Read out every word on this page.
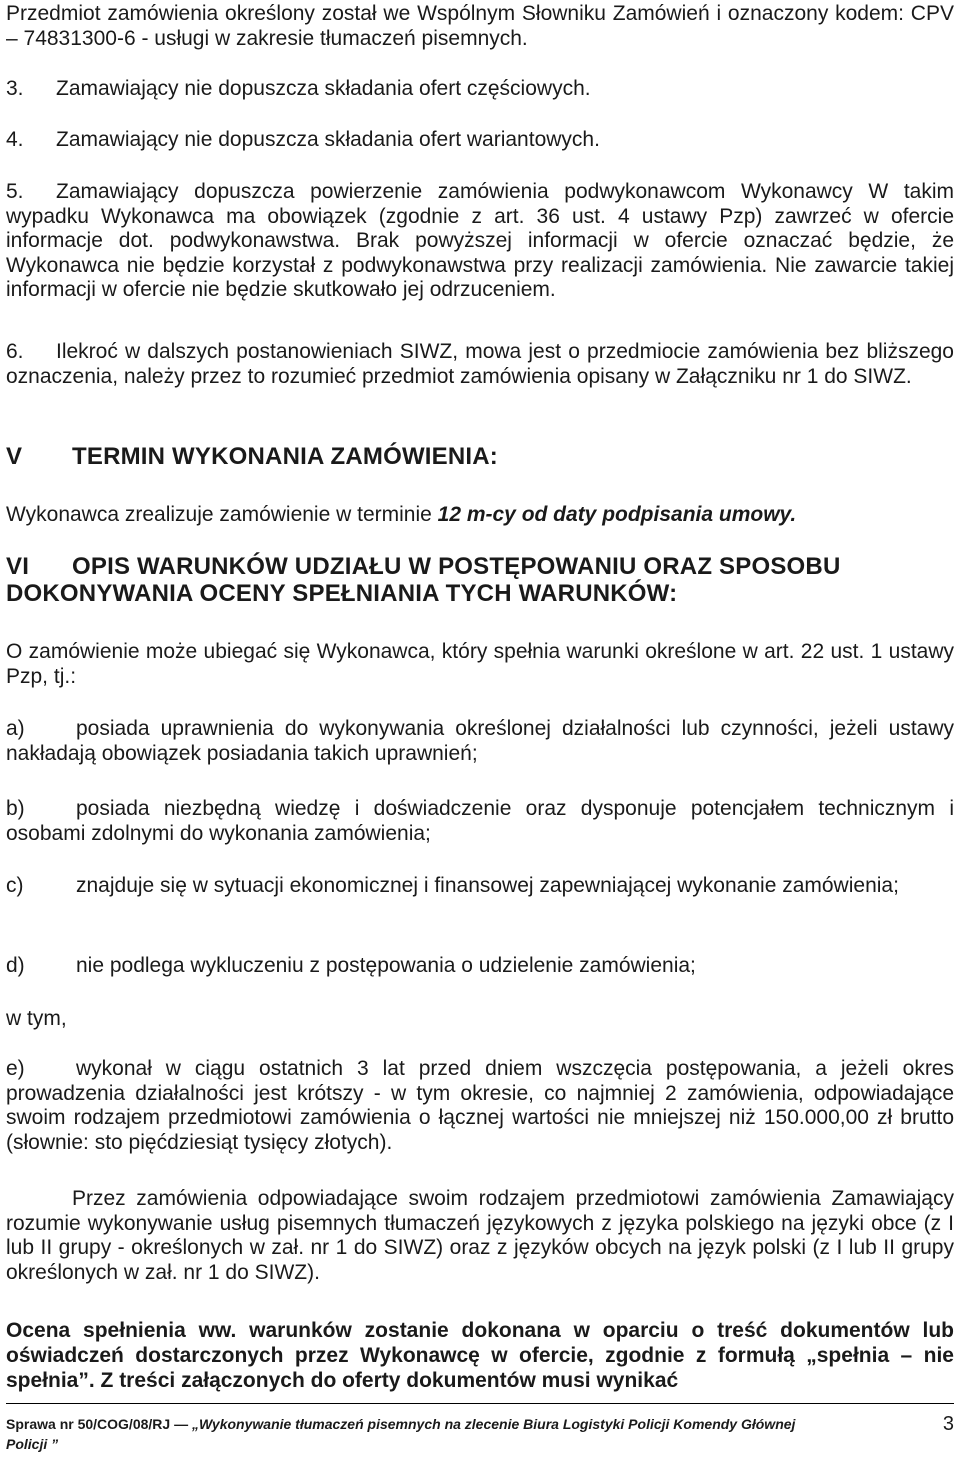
Przedmiot zamówienia określony został we Wspólnym Słowniku Zamówień i oznaczony kodem: CPV – 74831300-6 - usługi w zakresie tłumaczeń pisemnych.

3. Zamawiający nie dopuszcza składania ofert częściowych.
4. Zamawiający nie dopuszcza składania ofert wariantowych.

5. Zamawiający dopuszcza powierzenie zamówienia podwykonawcom Wykonawcy W takim wypadku Wykonawca ma obowiązek (zgodnie z art. 36 ust. 4 ustawy Pzp) zawrzeć w ofercie informacje dot. podwykonawstwa. Brak powyższej informacji w ofercie oznaczać będzie, że Wykonawca nie będzie korzystał z podwykonawstwa przy realizacji zamówienia. Nie zawarcie takiej informacji w ofercie nie będzie skutkowało jej odrzuceniem.

6. Ilekroć w dalszych postanowieniach SIWZ, mowa jest o przedmiocie zamówienia bez bliższego oznaczenia, należy przez to rozumieć przedmiot zamówienia opisany w Załączniku nr 1 do SIWZ.

V TERMIN WYKONANIA ZAMÓWIENIA:

Wykonawca zrealizuje zamówienie w terminie 12 m-cy od daty podpisania umowy.

VI OPIS WARUNKÓW UDZIAŁU W POSTĘPOWANIU ORAZ SPOSOBU
DOKONYWANIA OCENY SPEŁNIANIA TYCH WARUNKÓW:

O zamówienie może ubiegać się Wykonawca, który spełnia warunki określone w art. 22 ust. 1 ustawy Pzp, tj.:

a) posiada uprawnienia do wykonywania określonej działalności lub czynności, jeżeli ustawy nakładają obowiązek posiadania takich uprawnień;

b) posiada niezbędną wiedzę i doświadczenie oraz dysponuje potencjałem technicznym i osobami zdolnymi do wykonania zamówienia;

c)	znajduje się w sytuacji ekonomicznej i finansowej zapewniającej wykonanie zamówienia;

d) nie podlega wykluczeniu z postępowania o udzielenie zamówienia;

w tym,

e) wykonał w ciągu ostatnich 3 lat przed dniem wszczęcia postępowania, a jeżeli okres prowadzenia działalności jest krótszy - w tym okresie, co najmniej 2 zamówienia, odpowiadające swoim rodzajem przedmiotowi zamówienia o łącznej wartości nie mniejszej niż 150.000,00 zł brutto (słownie: sto pięćdziesiąt tysięcy złotych).

Przez zamówienia odpowiadające swoim rodzajem przedmiotowi zamówienia Zamawiający rozumie wykonywanie usług pisemnych tłumaczeń językowych z języka polskiego na języki obce (z I lub II grupy - określonych w zał. nr 1 do SIWZ) oraz z języków obcych na język polski (z I lub II grupy określonych w zał. nr 1 do SIWZ).

Ocena spełnienia ww. warunków zostanie dokonana w oparciu o treść dokumentów lub oświadczeń dostarczonych przez Wykonawcę w ofercie, zgodnie z formułą „spełnia – nie spełnia”. Z treści załączonych do oferty dokumentów musi wynikać

Sprawa nr 50/COG/08/RJ — „Wykonywanie tłumaczeń pisemnych na zlecenie Biura Logistyki Policji Komendy Głównej
Policji ”
3
